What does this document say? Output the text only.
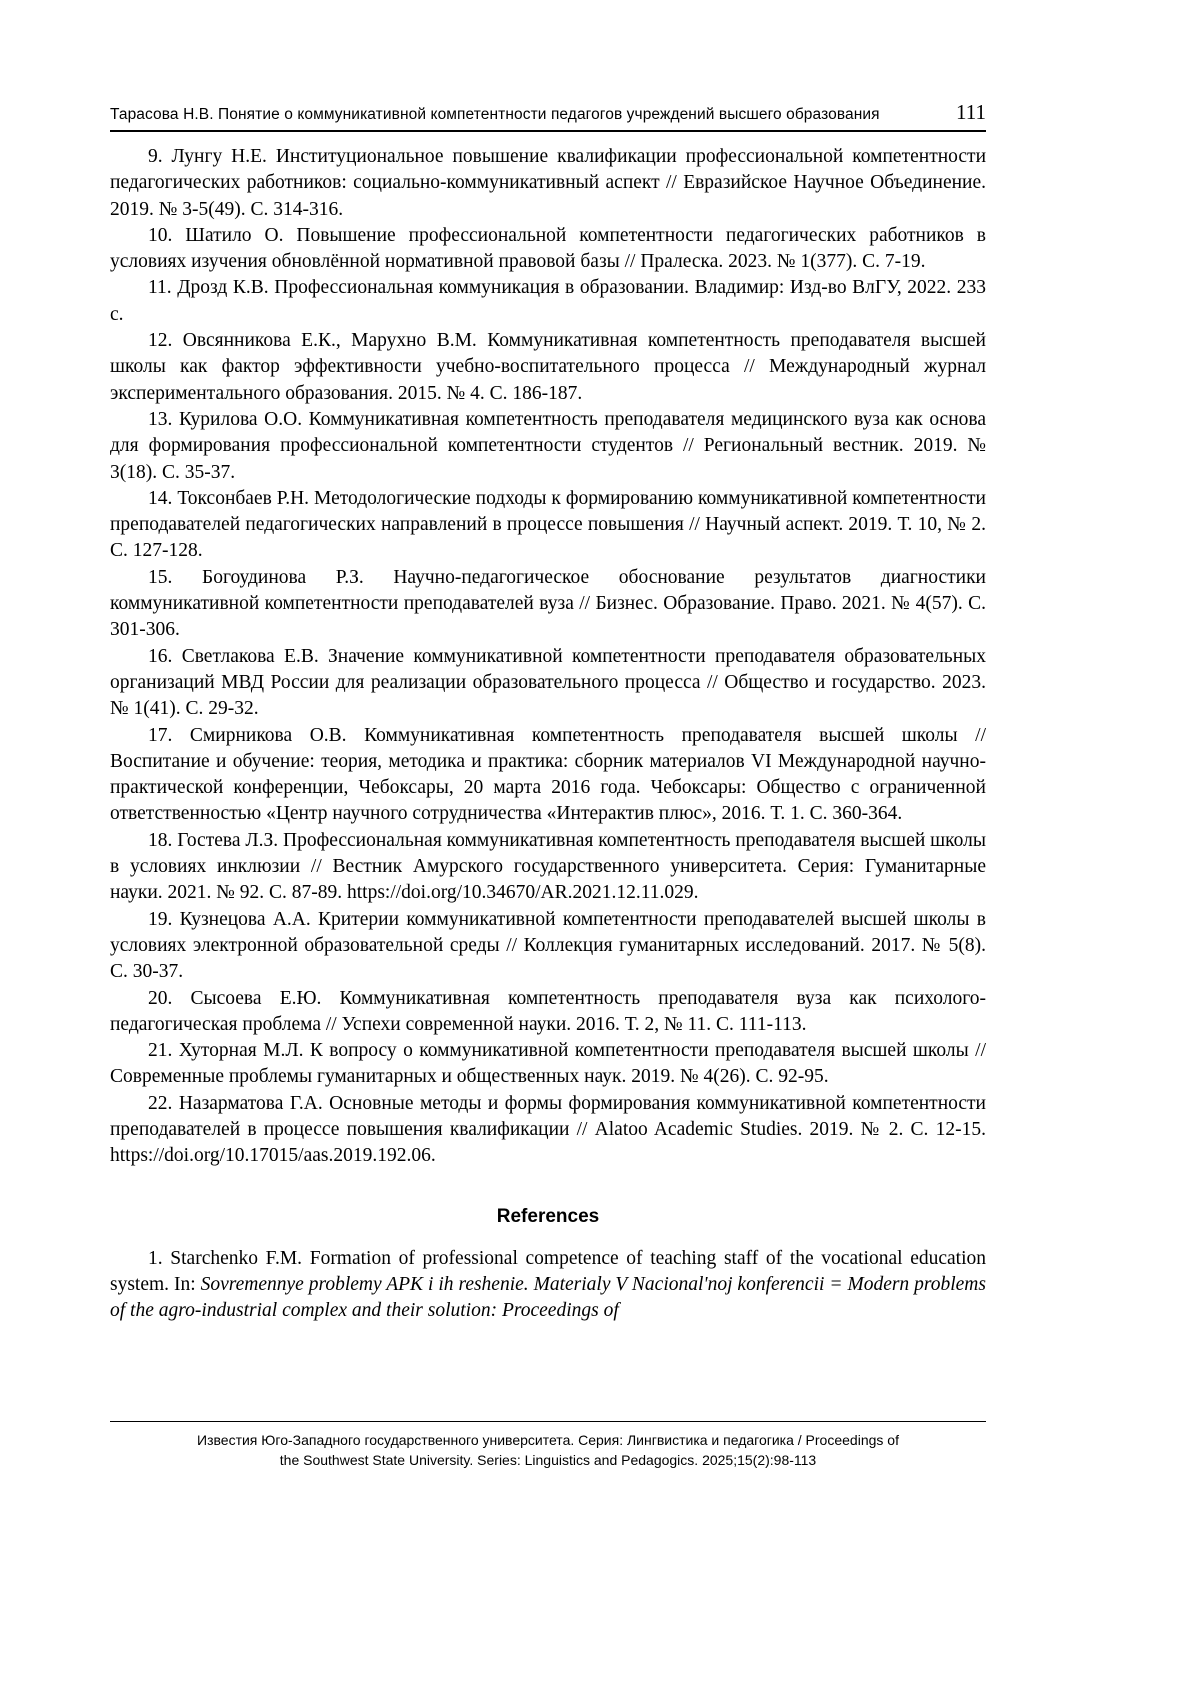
Тарасова Н.В. Понятие о коммуникативной компетентности педагогов учреждений высшего образования	111

9. Лунгу Н.Е. Институциональное повышение квалификации профессиональной компетентности педагогических работников: социально-коммуникативный аспект // Евразийское Научное Объединение. 2019. № 3-5(49). С. 314-316.

10. Шатило О. Повышение профессиональной компетентности педагогических работников в условиях изучения обновлённой нормативной правовой базы // Пралеска. 2023. № 1(377). С. 7-19.

11. Дрозд К.В. Профессиональная коммуникация в образовании. Владимир: Изд-во ВлГУ, 2022. 233 с.

12. Овсянникова Е.К., Марухно В.М. Коммуникативная компетентность преподавателя высшей школы как фактор эффективности учебно-воспитательного процесса // Международный журнал экспериментального образования. 2015. № 4. С. 186-187.

13. Курилова О.О. Коммуникативная компетентность преподавателя медицинского вуза как основа для формирования профессиональной компетентности студентов // Региональный вестник. 2019. № 3(18). С. 35-37.

14. Токсонбаев Р.Н. Методологические подходы к формированию коммуникативной компетентности преподавателей педагогических направлений в процессе повышения // Научный аспект. 2019. Т. 10, № 2. С. 127-128.

15. Богоудинова Р.З. Научно-педагогическое обоснование результатов диагностики коммуникативной компетентности преподавателей вуза // Бизнес. Образование. Право. 2021. № 4(57). С. 301-306.

16. Светлакова Е.В. Значение коммуникативной компетентности преподавателя образовательных организаций МВД России для реализации образовательного процесса // Общество и государство. 2023. № 1(41). С. 29-32.

17. Смирникова О.В. Коммуникативная компетентность преподавателя высшей школы // Воспитание и обучение: теория, методика и практика: сборник материалов VI Международной научно-практической конференции, Чебоксары, 20 марта 2016 года. Чебоксары: Общество с ограниченной ответственностью «Центр научного сотрудничества «Интерактив плюс», 2016. Т. 1. С. 360-364.

18. Гостева Л.З. Профессиональная коммуникативная компетентность преподавателя высшей школы в условиях инклюзии // Вестник Амурского государственного университета. Серия: Гуманитарные науки. 2021. № 92. С. 87-89. https://doi.org/10.34670/AR.2021.12.11.029.

19. Кузнецова А.А. Критерии коммуникативной компетентности преподавателей высшей школы в условиях электронной образовательной среды // Коллекция гуманитарных исследований. 2017. № 5(8). С. 30-37.

20. Сысоева Е.Ю. Коммуникативная компетентность преподавателя вуза как психолого-педагогическая проблема // Успехи современной науки. 2016. Т. 2, № 11. С. 111-113.

21. Хуторная М.Л. К вопросу о коммуникативной компетентности преподавателя высшей школы // Современные проблемы гуманитарных и общественных наук. 2019. № 4(26). С. 92-95.

22. Назарматова Г.А. Основные методы и формы формирования коммуникативной компетентности преподавателей в процессе повышения квалификации // Alatoo Academic Studies. 2019. № 2. С. 12-15. https://doi.org/10.17015/aas.2019.192.06.

References

1. Starchenko F.M. Formation of professional competence of teaching staff of the vocational education system. In: Sovremennye problemy APK i ih reshenie. Materialy V Nacional'noj konferencii = Modern problems of the agro-industrial complex and their solution: Proceedings of

Известия Юго-Западного государственного университета. Серия: Лингвистика и педагогика / Proceedings of
the Southwest State University. Series: Linguistics and Pedagogics. 2025;15(2):98-113
